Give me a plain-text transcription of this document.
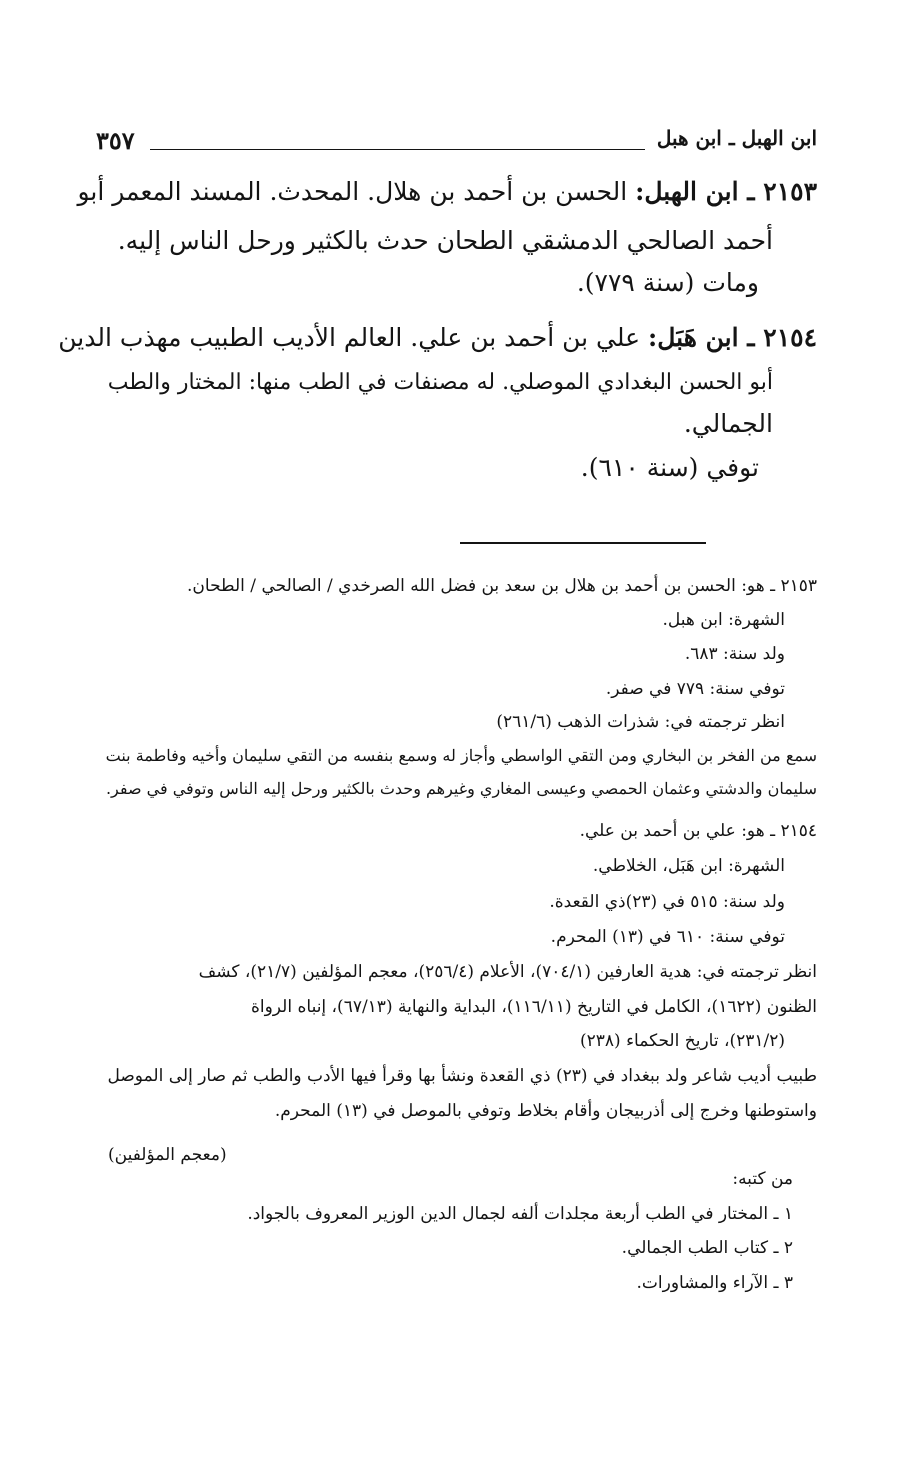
ابن الهبل ـ ابن هبل
٣٥٧
٢١٥٣ ـ ابن الهبل: الحسن بن أحمد بن هلال. المحدث. المسند المعمر أبو
أحمد الصالحي الدمشقي الطحان حدث بالكثير ورحل الناس إليه.
ومات (سنة ٧٧٩).
٢١٥٤ ـ ابن هَبَل: علي بن أحمد بن علي. العالم الأديب الطبيب مهذب الدين
أبو الحسن البغدادي الموصلي. له مصنفات في الطب منها: المختار والطب
الجمالي.
توفي (سنة ٦١٠).
٢١٥٣ ـ هو: الحسن بن أحمد بن هلال بن سعد بن فضل الله الصرخدي / الصالحي / الطحان.
الشهرة: ابن هبل.
ولد سنة: ٦٨٣.
توفي سنة: ٧٧٩ في صفر.
انظر ترجمته في: شذرات الذهب (٢٦١/٦)
سمع من الفخر بن البخاري ومن التقي الواسطي وأجاز له وسمع بنفسه من التقي سليمان وأخيه وفاطمة بنت
سليمان والدشتي وعثمان الحمصي وعيسى المغاري وغيرهم وحدث بالكثير ورحل إليه الناس وتوفي في صفر.
٢١٥٤ ـ هو: علي بن أحمد بن علي.
الشهرة: ابن هَبَل، الخلاطي.
ولد سنة: ٥١٥ في (٢٣)ذي القعدة.
توفي سنة: ٦١٠ في (١٣) المحرم.
انظر ترجمته في: هدية العارفين (٧٠٤/١)، الأعلام (٢٥٦/٤)، معجم المؤلفين (٢١/٧)، كشف
الظنون (١٦٢٢)، الكامل في التاريخ (١١٦/١١)، البداية والنهاية (٦٧/١٣)، إنباه الرواة
(٢٣١/٢)، تاريخ الحكماء (٢٣٨)
طبيب أديب شاعر ولد ببغداد في (٢٣) ذي القعدة ونشأ بها وقرأ فيها الأدب والطب ثم صار إلى الموصل
واستوطنها وخرج إلى أذربيجان وأقام بخلاط وتوفي بالموصل في (١٣) المحرم.
(معجم المؤلفين)
من كتبه:
١ ـ المختار في الطب أربعة مجلدات ألفه لجمال الدين الوزير المعروف بالجواد.
٢ ـ كتاب الطب الجمالي.
٣ ـ الآراء والمشاورات.
